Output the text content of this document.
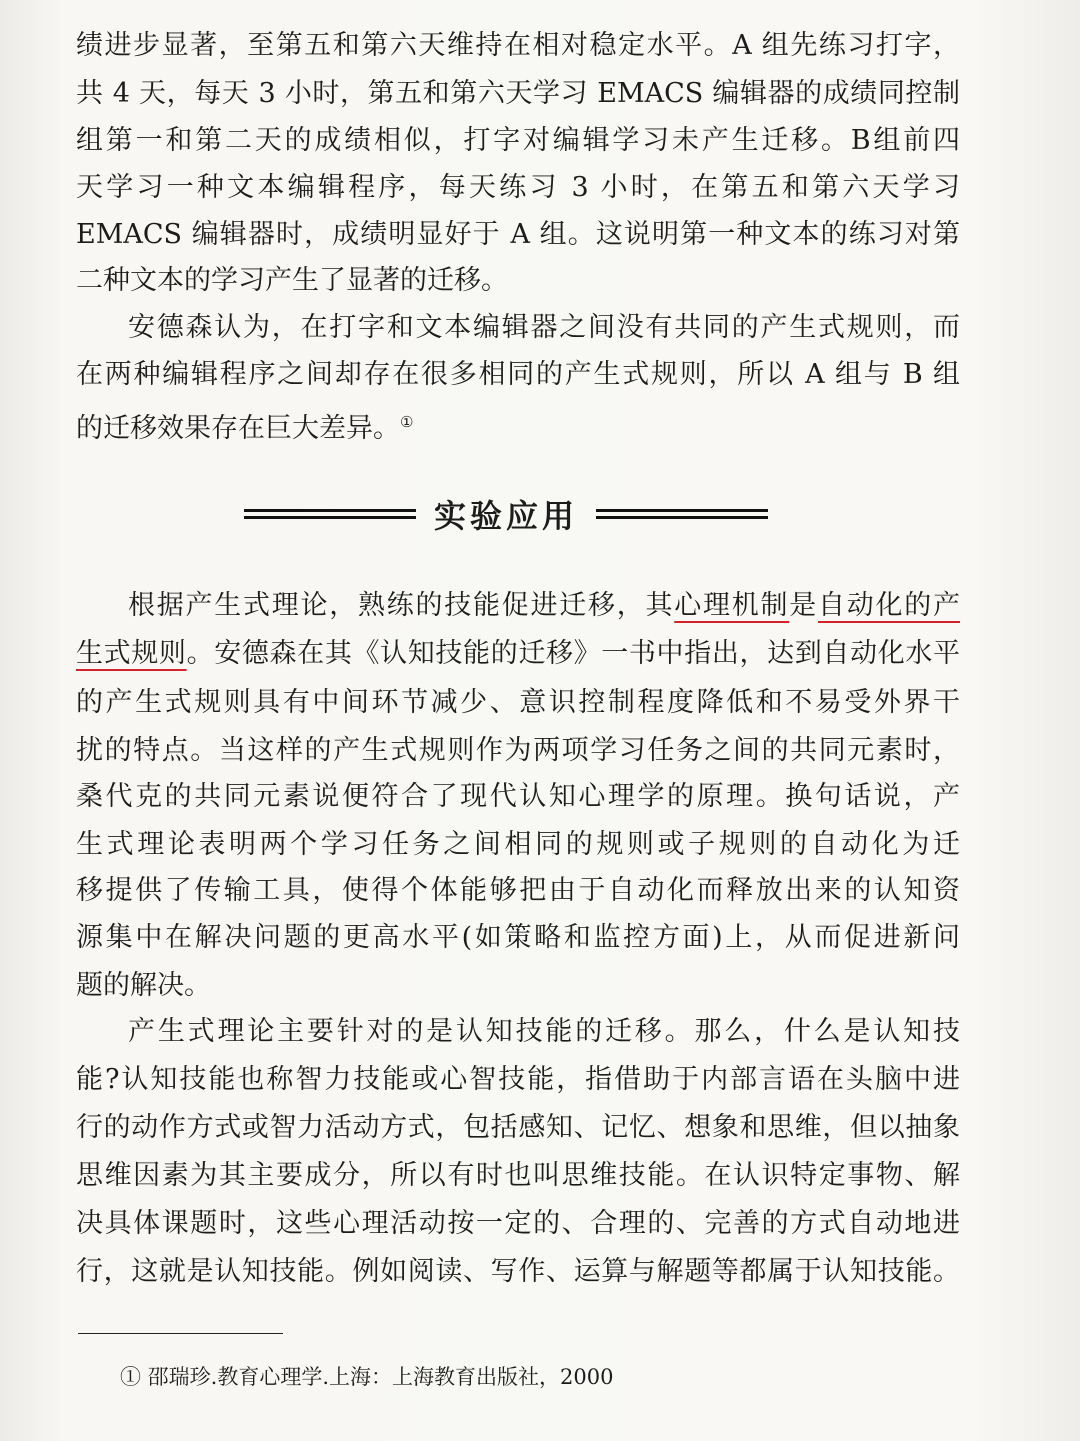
绩进步显著，至第五和第六天维持在相对稳定水平。A 组先练习打字，
共 4 天，每天 3 小时，第五和第六天学习 EMACS 编辑器的成绩同控制
组第一和第二天的成绩相似，打字对编辑学习未产生迁移。B组前四
天学习一种文本编辑程序，每天练习 3 小时，在第五和第六天学习
EMACS 编辑器时，成绩明显好于 A 组。这说明第一种文本的练习对第
二种文本的学习产生了显著的迁移。
安德森认为，在打字和文本编辑器之间没有共同的产生式规则，而
在两种编辑程序之间却存在很多相同的产生式规则，所以 A 组与 B 组
的迁移效果存在巨大差异。①
实验应用
根据产生式理论，熟练的技能促进迁移，其心理机制是自动化的产
生式规则。安德森在其《认知技能的迁移》一书中指出，达到自动化水平
的产生式规则具有中间环节减少、意识控制程度降低和不易受外界干
扰的特点。当这样的产生式规则作为两项学习任务之间的共同元素时，
桑代克的共同元素说便符合了现代认知心理学的原理。换句话说，产
生式理论表明两个学习任务之间相同的规则或子规则的自动化为迁
移提供了传输工具，使得个体能够把由于自动化而释放出来的认知资
源集中在解决问题的更高水平(如策略和监控方面)上，从而促进新问
题的解决。
产生式理论主要针对的是认知技能的迁移。那么，什么是认知技
能?认知技能也称智力技能或心智技能，指借助于内部言语在头脑中进
行的动作方式或智力活动方式，包括感知、记忆、想象和思维，但以抽象
思维因素为其主要成分，所以有时也叫思维技能。在认识特定事物、解
决具体课题时，这些心理活动按一定的、合理的、完善的方式自动地进
行，这就是认知技能。例如阅读、写作、运算与解题等都属于认知技能。
① 邵瑞珍.教育心理学.上海：上海教育出版社，2000
